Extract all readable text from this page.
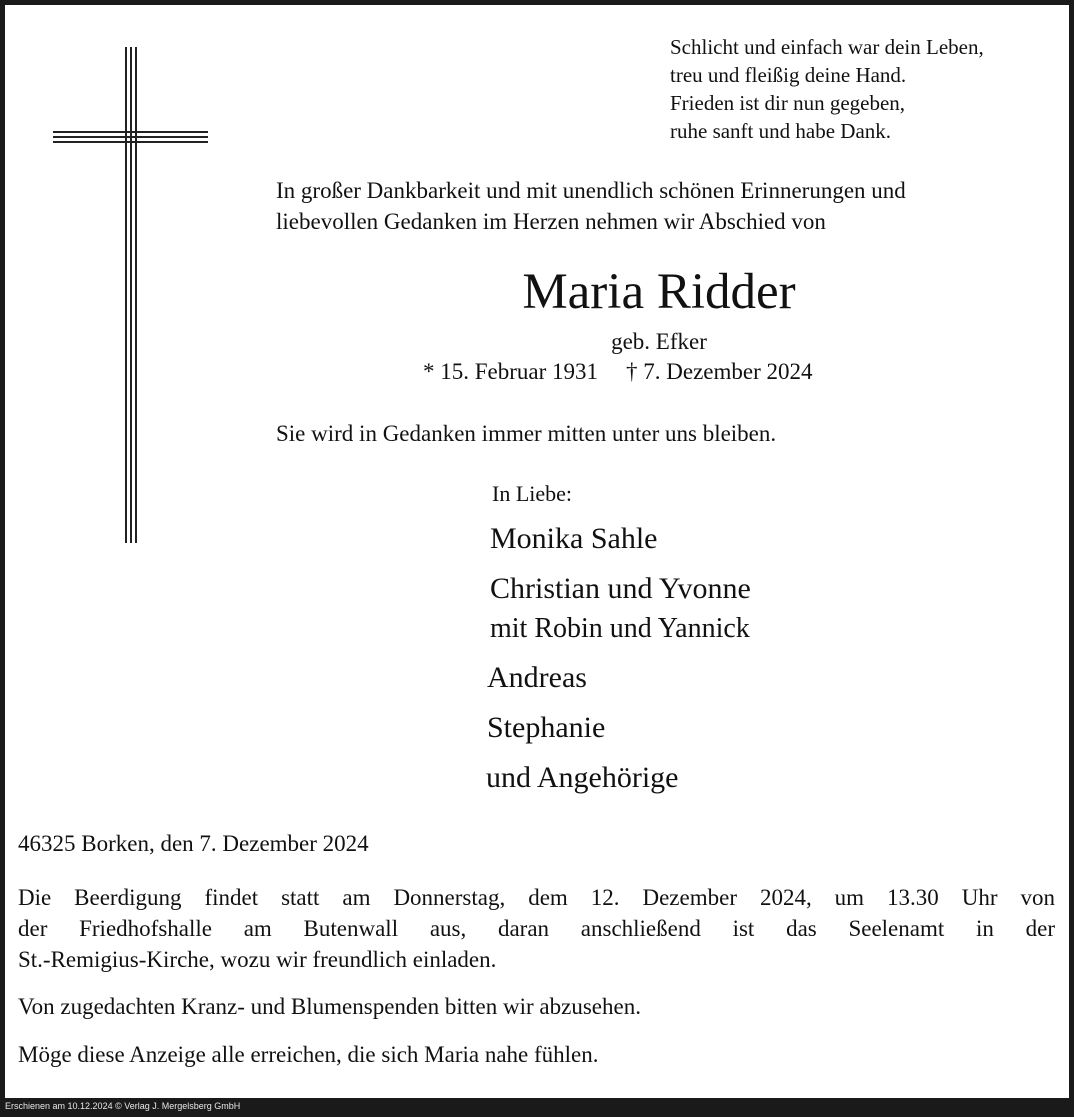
Schlicht und einfach war dein Leben,
treu und fleißig deine Hand.
Frieden ist dir nun gegeben,
ruhe sanft und habe Dank.
In großer Dankbarkeit und mit unendlich schönen Erinnerungen und
liebevollen Gedanken im Herzen nehmen wir Abschied von
Maria Ridder
geb. Efker
* 15. Februar 1931 † 7. Dezember 2024
Sie wird in Gedanken immer mitten unter uns bleiben.
In Liebe:
Monika Sahle
Christian und Yvonne
mit Robin und Yannick
Andreas
Stephanie
und Angehörige
46325 Borken, den 7. Dezember 2024
Die Beerdigung findet statt am Donnerstag, dem 12. Dezember 2024, um 13.30 Uhr von
der Friedhofshalle am Butenwall aus, daran anschließend ist das Seelenamt in der
St.-Remigius-Kirche, wozu wir freundlich einladen.
Von zugedachten Kranz- und Blumenspenden bitten wir abzusehen.
Möge diese Anzeige alle erreichen, die sich Maria nahe fühlen.
Erschienen am 10.12.2024 © Verlag J. Mergelsberg GmbH
